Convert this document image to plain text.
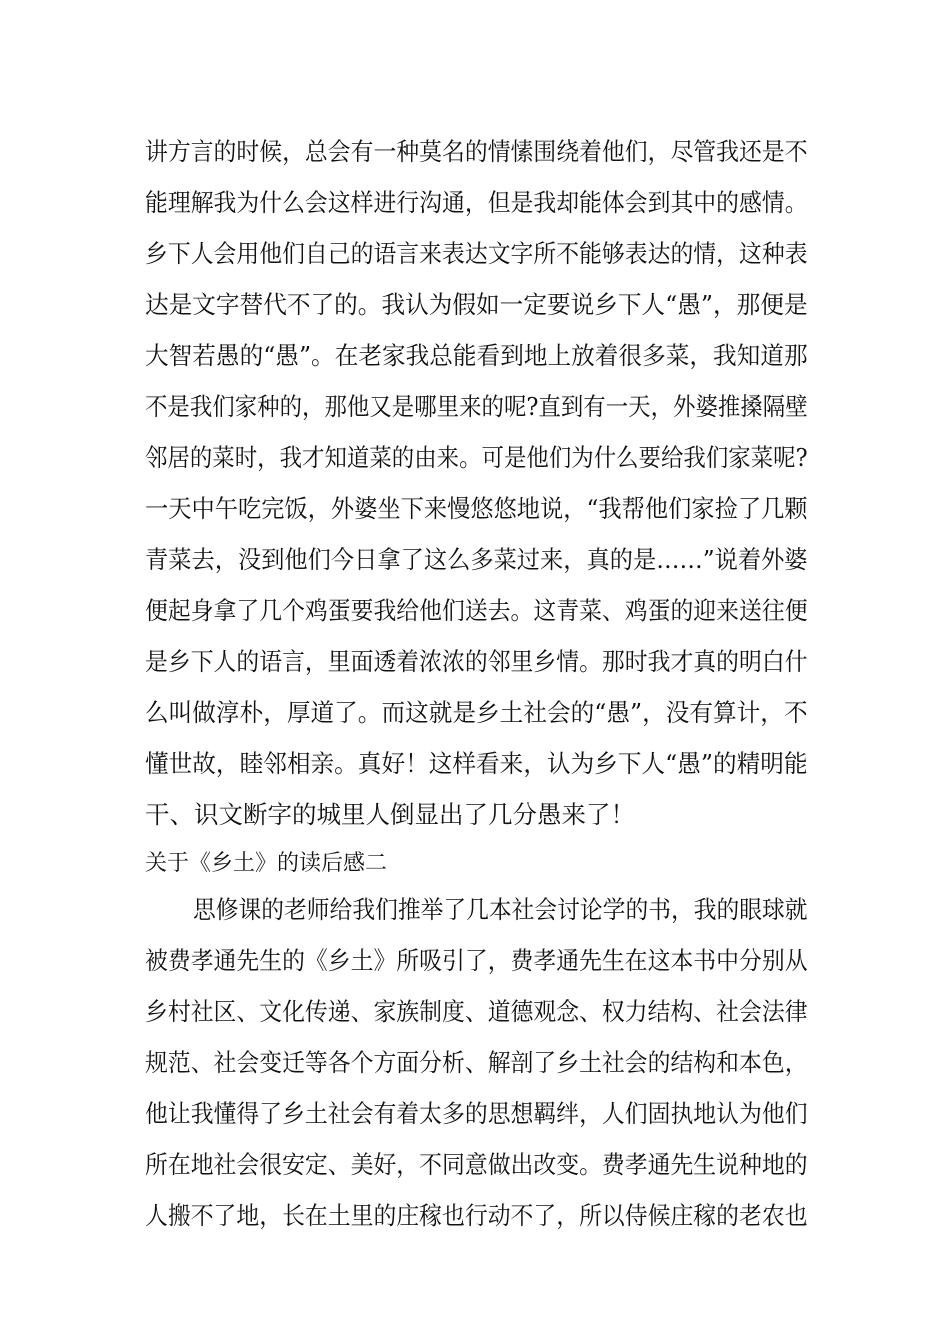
讲方言的时候，总会有一种莫名的情愫围绕着他们，尽管我还是不
能理解我为什么会这样进行沟通，但是我却能体会到其中的感情。
乡下人会用他们自己的语言来表达文字所不能够表达的情，这种表
达是文字替代不了的。我认为假如一定要说乡下人“愚”，那便是
大智若愚的“愚”。在老家我总能看到地上放着很多菜，我知道那
不是我们家种的，那他又是哪里来的呢?直到有一天，外婆推搡隔壁
邻居的菜时，我才知道菜的由来。可是他们为什么要给我们家菜呢?
一天中午吃完饭，外婆坐下来慢悠悠地说，“我帮他们家捡了几颗
青菜去，没到他们今日拿了这么多菜过来，真的是……”说着外婆
便起身拿了几个鸡蛋要我给他们送去。这青菜、鸡蛋的迎来送往便
是乡下人的语言，里面透着浓浓的邻里乡情。那时我才真的明白什
么叫做淳朴，厚道了。而这就是乡土社会的“愚”，没有算计，不
懂世故，睦邻相亲。真好！这样看来，认为乡下人“愚”的精明能
干、识文断字的城里人倒显出了几分愚来了！
关于《乡土》的读后感二
思修课的老师给我们推举了几本社会讨论学的书，我的眼球就
被费孝通先生的《乡土》所吸引了，费孝通先生在这本书中分别从
乡村社区、文化传递、家族制度、道德观念、权力结构、社会法律
规范、社会变迁等各个方面分析、解剖了乡土社会的结构和本色，
他让我懂得了乡土社会有着太多的思想羁绊，人们固执地认为他们
所在地社会很安定、美好，不同意做出改变。费孝通先生说种地的
人搬不了地，长在土里的庄稼也行动不了，所以侍候庄稼的老农也
